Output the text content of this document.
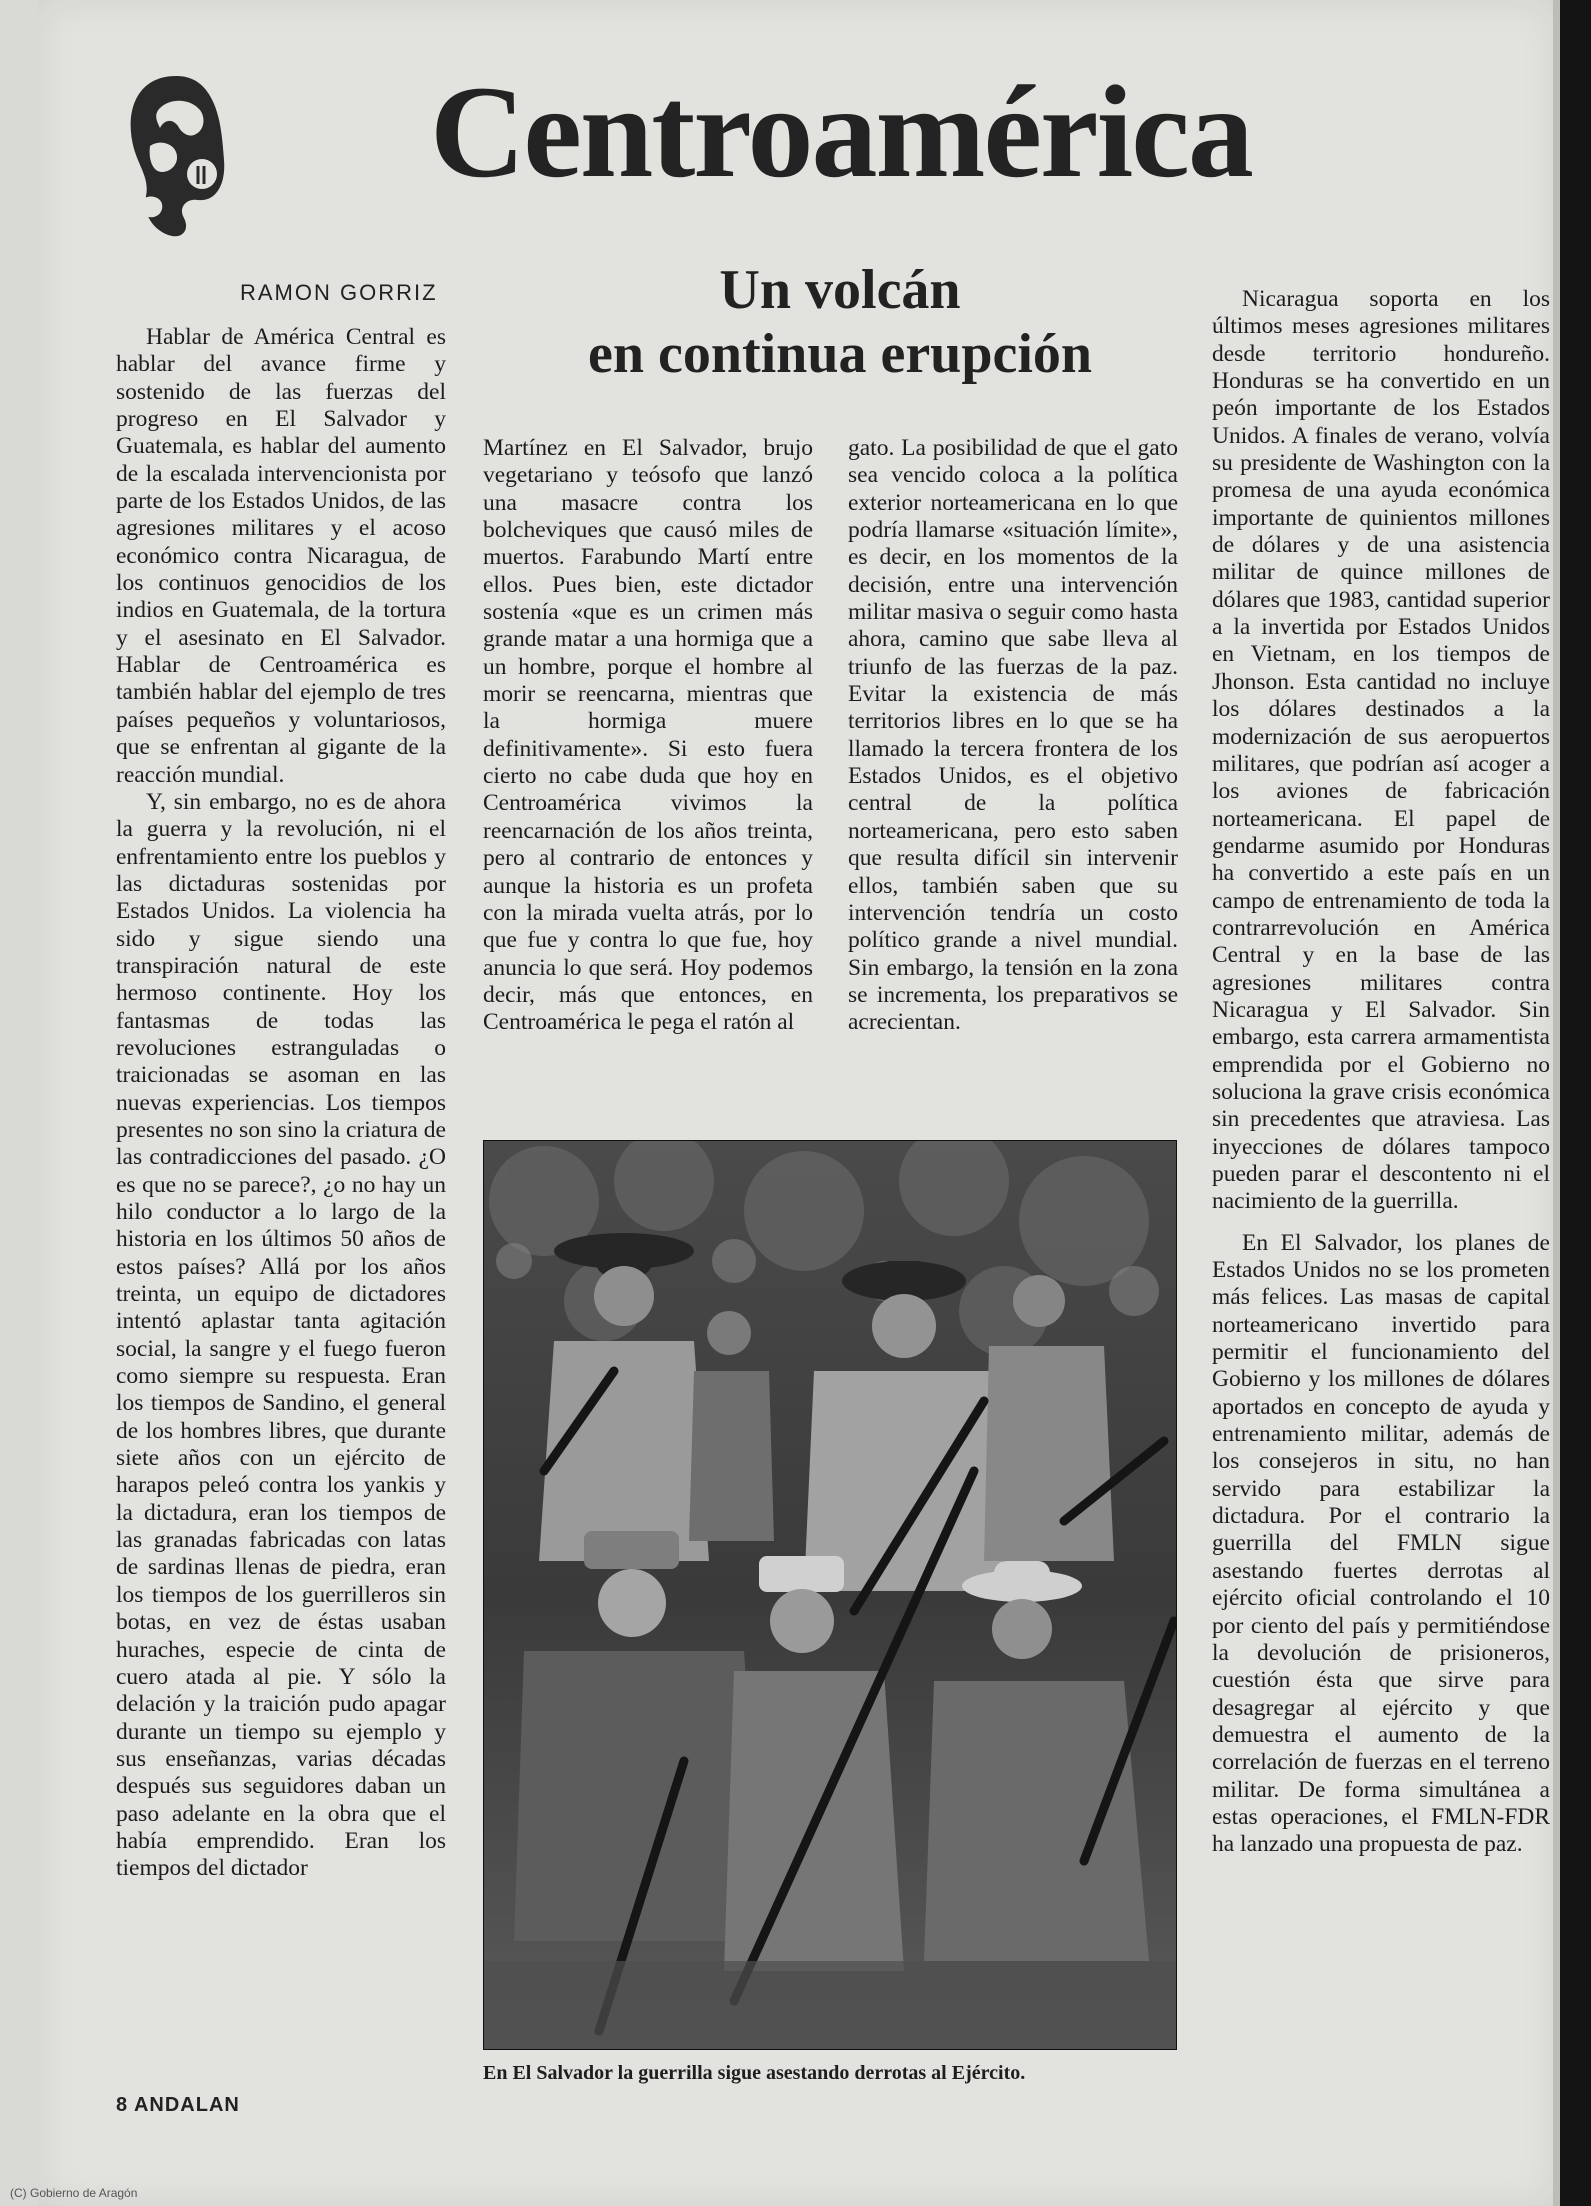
Centroamérica
RAMON GORRIZ	Un volcán
en continua erupción

Hablar de América Central es hablar del avance firme y sostenido de las fuerzas del progreso en El Salvador y Guatemala, es hablar del aumento de la escalada intervencionista por parte de los Estados Unidos, de las agresiones militares y el acoso económico contra Nicaragua, de los continuos genocidios de los indios en Guatemala, de la tortura y el asesinato en El Salvador. Hablar de Centroamérica es también hablar del ejemplo de tres países pequeños y voluntariosos, que se enfrentan al gigante de la reacción mundial.

Y, sin embargo, no es de ahora la guerra y la revolución, ni el enfrentamiento entre los pueblos y las dictaduras sostenidas por Estados Unidos. La violencia ha sido y sigue siendo una transpiración natural de este hermoso continente. Hoy los fantasmas de todas las revoluciones estranguladas o traicionadas se asoman en las nuevas experiencias. Los tiempos presentes no son sino la criatura de las contradicciones del pasado. ¿O es que no se parece?, ¿o no hay un hilo conductor a lo largo de la historia en los últimos 50 años de estos países? Allá por los años treinta, un equipo de dictadores intentó aplastar tanta agitación social, la sangre y el fuego fueron como siempre su respuesta. Eran los tiempos de Sandino, el general de los hombres libres, que durante siete años con un ejército de harapos peleó contra los yankis y la dictadura, eran los tiempos de las granadas fabricadas con latas de sardinas llenas de piedra, eran los tiempos de los guerrilleros sin botas, en vez de éstas usaban huraches, especie de cinta de cuero atada al pie. Y sólo la delación y la traición pudo apagar durante un tiempo su ejemplo y sus enseñanzas, varias décadas después sus seguidores daban un paso adelante en la obra que el había emprendido. Eran los tiempos del dictador

Martínez en El Salvador, brujo vegetariano y teósofo que lanzó una masacre contra los bolcheviques que causó miles de muertos. Farabundo Martí entre ellos. Pues bien, este dictador sostenía «que es un crimen más grande matar a una hormiga que a un hombre, porque el hombre al morir se reencarna, mientras que la hormiga muere definitivamente». Si esto fuera cierto no cabe duda que hoy en Centroamérica vivimos la reencarnación de los años treinta, pero al contrario de entonces y aunque la historia es un profeta con la mirada vuelta atrás, por lo que fue y contra lo que fue, hoy anuncia lo que será. Hoy podemos decir, más que entonces, en Centroamérica le pega el ratón al

gato. La posibilidad de que el gato sea vencido coloca a la política exterior norteamericana en lo que podría llamarse «situación límite», es decir, en los momentos de la decisión, entre una intervención militar masiva o seguir como hasta ahora, camino que sabe lleva al triunfo de las fuerzas de la paz. Evitar la existencia de más territorios libres en lo que se ha llamado la tercera frontera de los Estados Unidos, es el objetivo central de la política norteamericana, pero esto saben que resulta difícil sin intervenir ellos, también saben que su intervención tendría un costo político grande a nivel mundial. Sin embargo, la tensión en la zona se incrementa, los preparativos se acrecientan.

Nicaragua soporta en los últimos meses agresiones militares desde territorio hondureño. Honduras se ha convertido en un peón importante de los Estados Unidos. A finales de verano, volvía su presidente de Washington con la promesa de una ayuda económica importante de quinientos millones de dólares y de una asistencia militar de quince millones de dólares que 1983, cantidad superior a la invertida por Estados Unidos en Vietnam, en los tiempos de Jhonson. Esta cantidad no incluye los dólares destinados a la modernización de sus aeropuertos militares, que podrían así acoger a los aviones de fabricación norteamericana. El papel de gendarme asumido por Honduras ha convertido a este país en un campo de entrenamiento de toda la contrarrevolución en América Central y en la base de las agresiones militares contra Nicaragua y El Salvador. Sin embargo, esta carrera armamentista emprendida por el Gobierno no soluciona la grave crisis económica sin precedentes que atraviesa. Las inyecciones de dólares tampoco pueden parar el descontento ni el nacimiento de la guerrilla.

En El Salvador, los planes de Estados Unidos no se los prometen más felices. Las masas de capital norteamericano invertido para permitir el funcionamiento del Gobierno y los millones de dólares aportados en concepto de ayuda y entrenamiento militar, además de los consejeros in situ, no han servido para estabilizar la dictadura. Por el contrario la guerrilla del FMLN sigue asestando fuertes derrotas al ejército oficial controlando el 10 por ciento del país y permitiéndose la devolución de prisioneros, cuestión ésta que sirve para desagregar al ejército y que demuestra el aumento de la correlación de fuerzas en el terreno militar. De forma simultánea a estas operaciones, el FMLN-FDR ha lanzado una propuesta de paz.

En El Salvador la guerrilla sigue asestando derrotas al Ejército.
8 ANDALAN
(C) Gobierno de Aragón
